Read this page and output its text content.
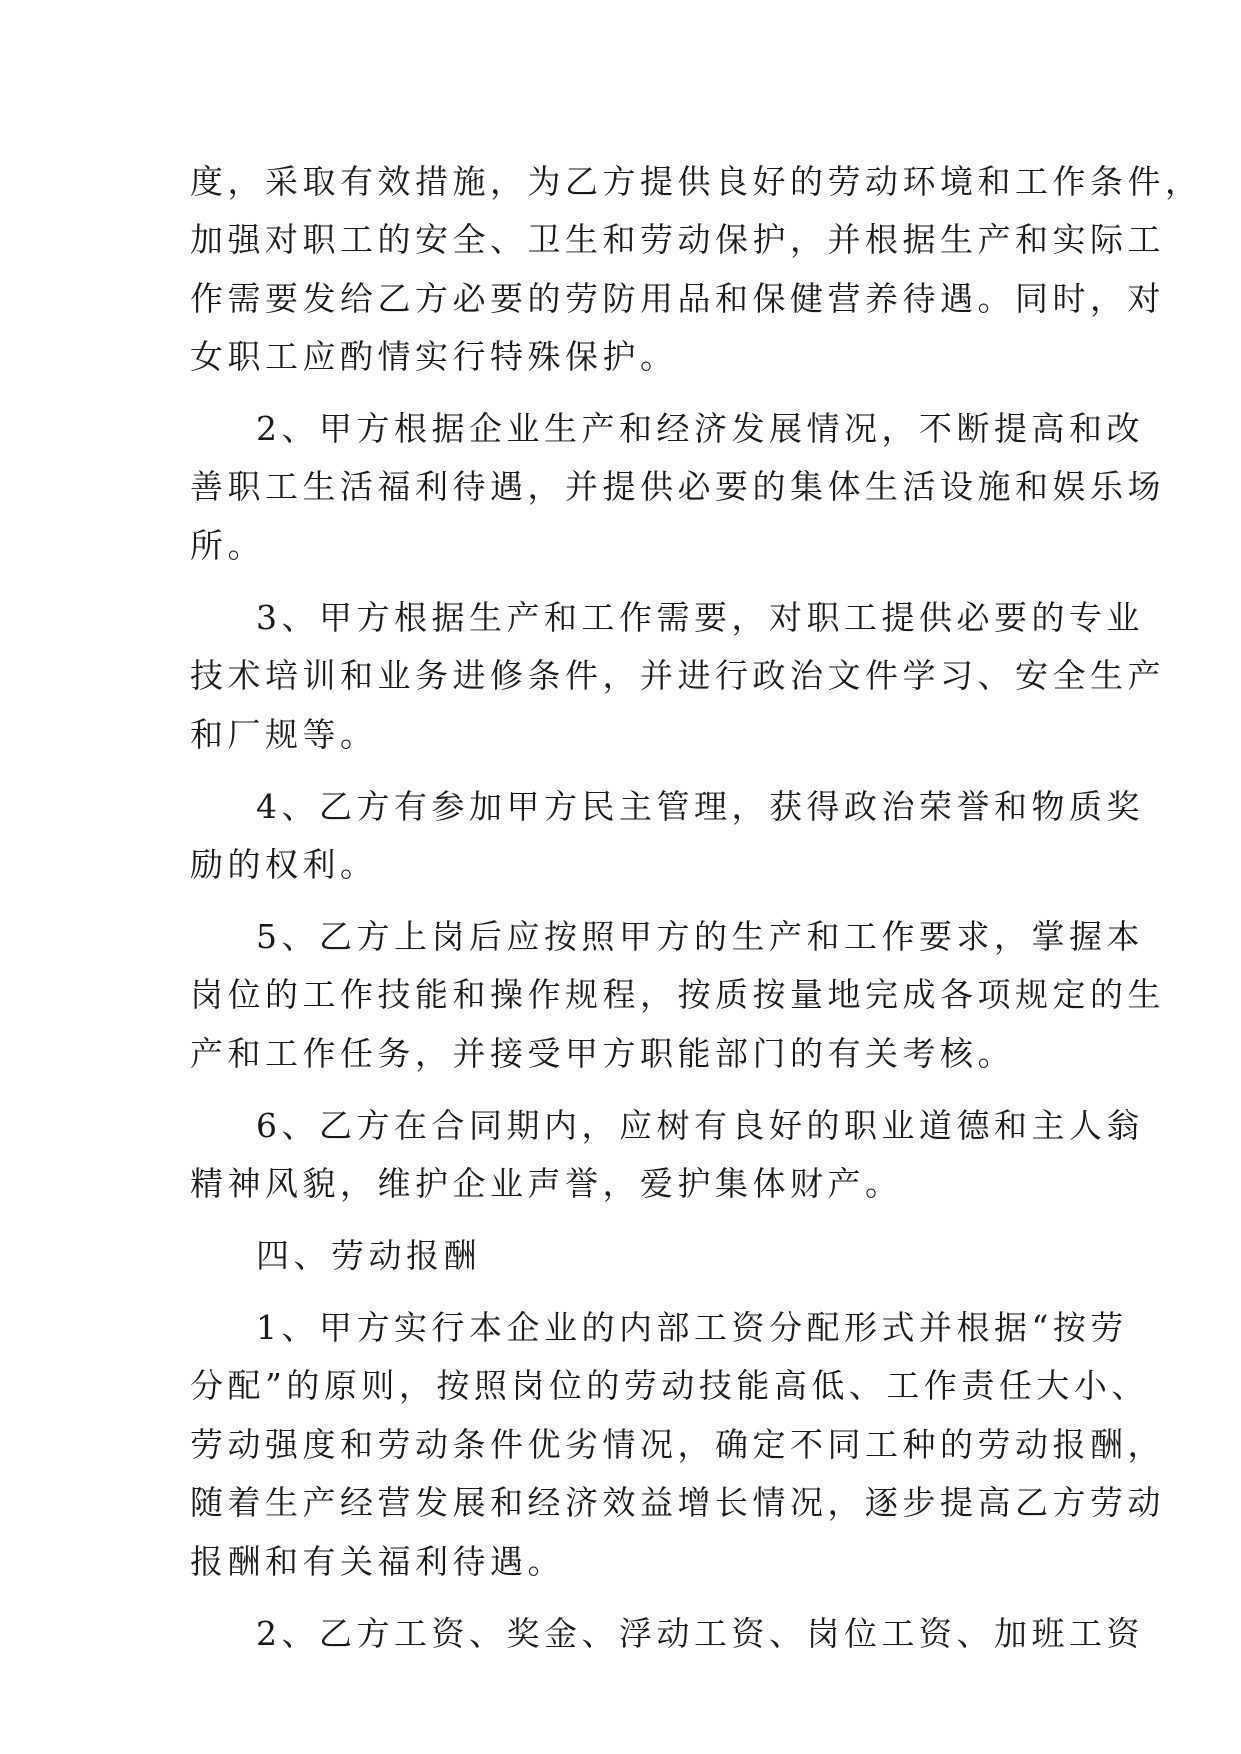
度，采取有效措施，为乙方提供良好的劳动环境和工作条件，
加强对职工的安全、卫生和劳动保护，并根据生产和实际工
作需要发给乙方必要的劳防用品和保健营养待遇。同时，对
女职工应酌情实行特殊保护。
2、甲方根据企业生产和经济发展情况，不断提高和改
善职工生活福利待遇，并提供必要的集体生活设施和娱乐场
所。
3、甲方根据生产和工作需要，对职工提供必要的专业
技术培训和业务进修条件，并进行政治文件学习、安全生产
和厂规等。
4、乙方有参加甲方民主管理，获得政治荣誉和物质奖
励的权利。
5、乙方上岗后应按照甲方的生产和工作要求，掌握本
岗位的工作技能和操作规程，按质按量地完成各项规定的生
产和工作任务，并接受甲方职能部门的有关考核。
6、乙方在合同期内，应树有良好的职业道德和主人翁
精神风貌，维护企业声誉，爱护集体财产。
四、劳动报酬
1、甲方实行本企业的内部工资分配形式并根据“按劳
分配”的原则，按照岗位的劳动技能高低、工作责任大小、
劳动强度和劳动条件优劣情况，确定不同工种的劳动报酬，
随着生产经营发展和经济效益增长情况，逐步提高乙方劳动
报酬和有关福利待遇。
2、乙方工资、奖金、浮动工资、岗位工资、加班工资
